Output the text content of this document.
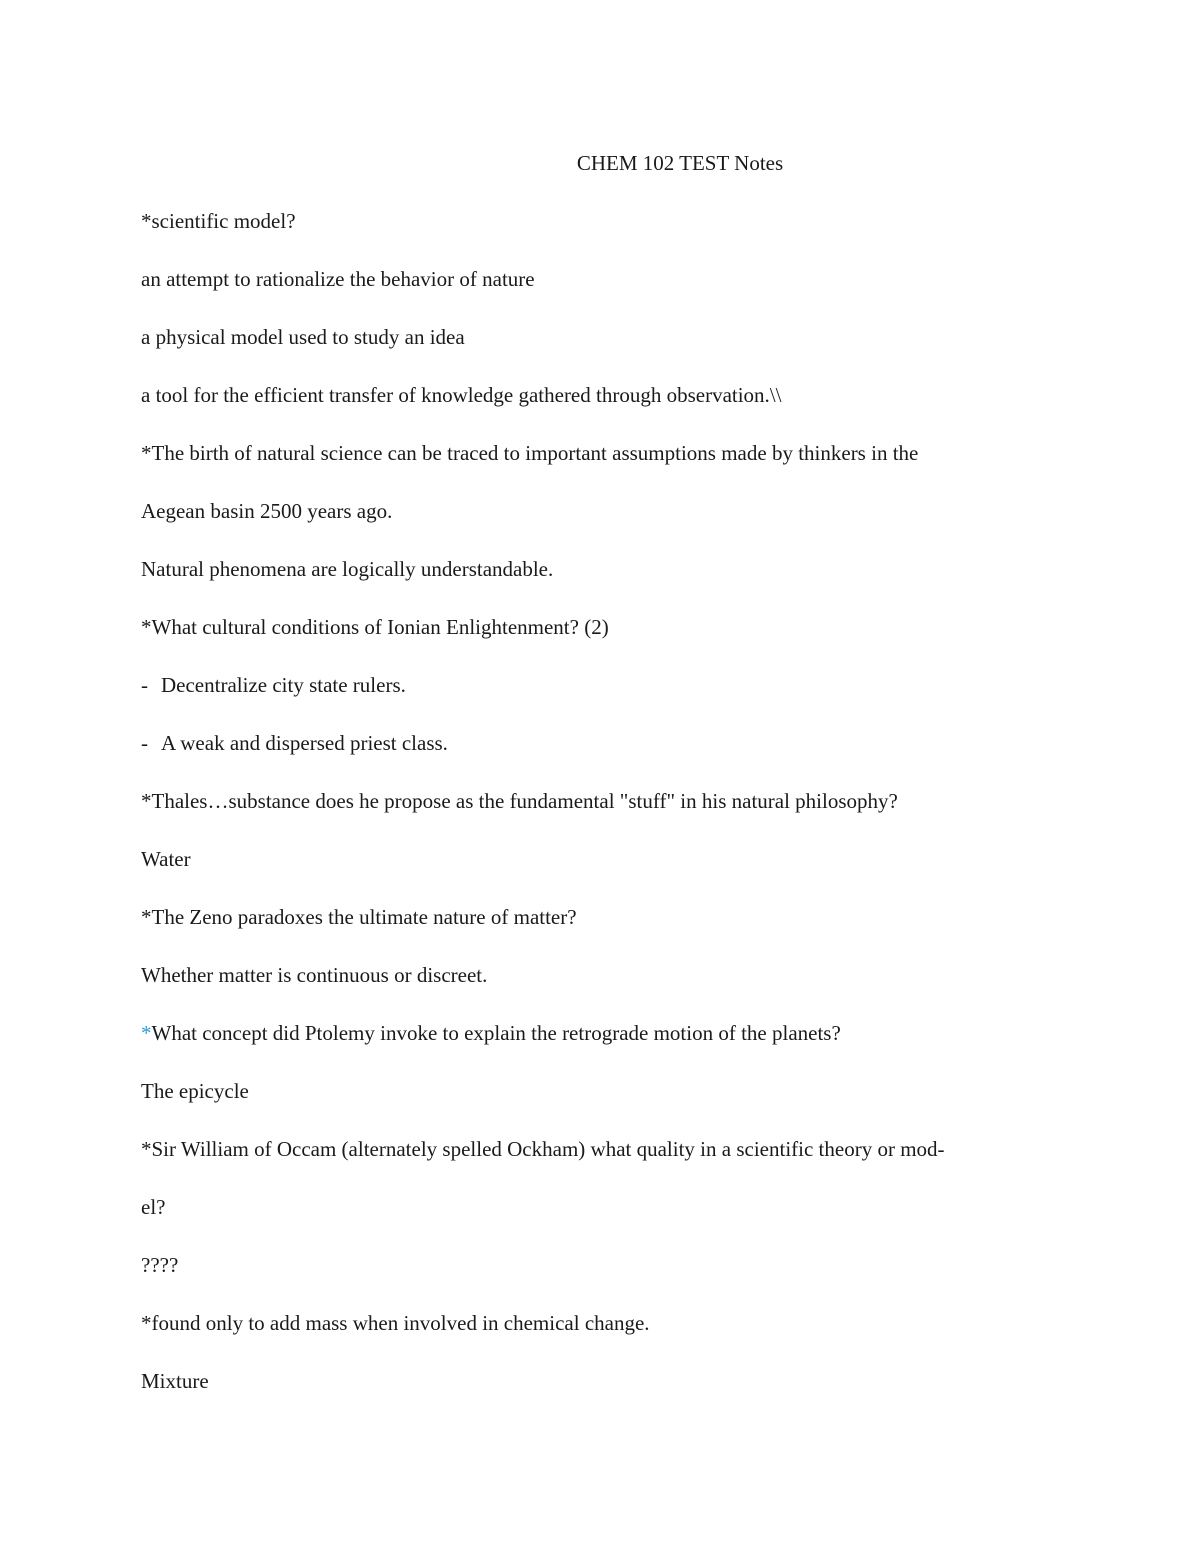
CHEM 102 TEST Notes
*scientific model?
an attempt to rationalize the behavior of nature
a physical model used to study an idea
a tool for the efficient transfer of knowledge gathered through observation.\\
*The birth of natural science can be traced to important assumptions made by thinkers in the
Aegean basin 2500 years ago.
Natural phenomena are logically understandable.
*What cultural conditions of Ionian Enlightenment? (2)
- Decentralize city state rulers.
- A weak and dispersed priest class.
*Thales…substance does he propose as the fundamental "stuff" in his natural philosophy?
Water
*The Zeno paradoxes the ultimate nature of matter?
Whether matter is continuous or discreet.
*What concept did Ptolemy invoke to explain the retrograde motion of the planets?
The epicycle
*Sir William of Occam (alternately spelled Ockham) what quality in a scientific theory or mod-
el?
????
*found only to add mass when involved in chemical change.
Mixture
